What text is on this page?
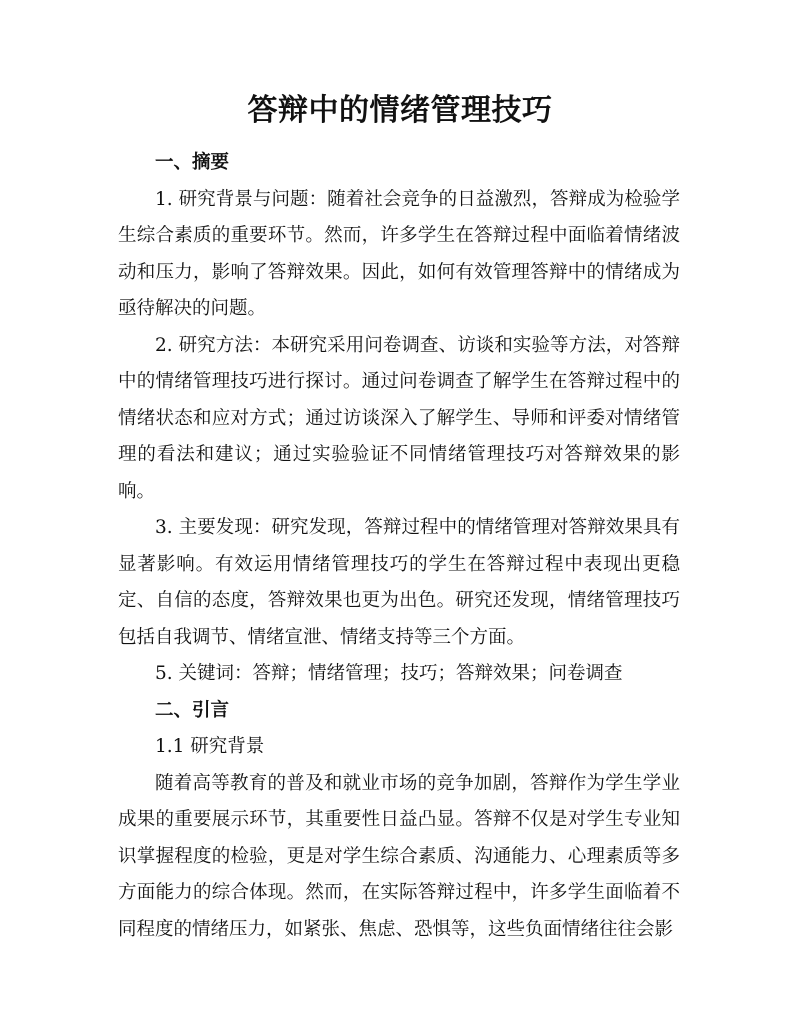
答辩中的情绪管理技巧

一、摘要

1. 研究背景与问题：随着社会竞争的日益激烈，答辩成为检验学生综合素质的重要环节。然而，许多学生在答辩过程中面临着情绪波动和压力，影响了答辩效果。因此，如何有效管理答辩中的情绪成为亟待解决的问题。

2. 研究方法：本研究采用问卷调查、访谈和实验等方法，对答辩中的情绪管理技巧进行探讨。通过问卷调查了解学生在答辩过程中的情绪状态和应对方式；通过访谈深入了解学生、导师和评委对情绪管理的看法和建议；通过实验验证不同情绪管理技巧对答辩效果的影响。

3. 主要发现：研究发现，答辩过程中的情绪管理对答辩效果具有显著影响。有效运用情绪管理技巧的学生在答辩过程中表现出更稳定、自信的态度，答辩效果也更为出色。研究还发现，情绪管理技巧包括自我调节、情绪宣泄、情绪支持等三个方面。

5. 关键词：答辩；情绪管理；技巧；答辩效果；问卷调查

二、引言

1.1 研究背景

随着高等教育的普及和就业市场的竞争加剧，答辩作为学生学业成果的重要展示环节，其重要性日益凸显。答辩不仅是对学生专业知识掌握程度的检验，更是对学生综合素质、沟通能力、心理素质等多方面能力的综合体现。然而，在实际答辩过程中，许多学生面临着不同程度的情绪压力，如紧张、焦虑、恐惧等，这些负面情绪往往会影
